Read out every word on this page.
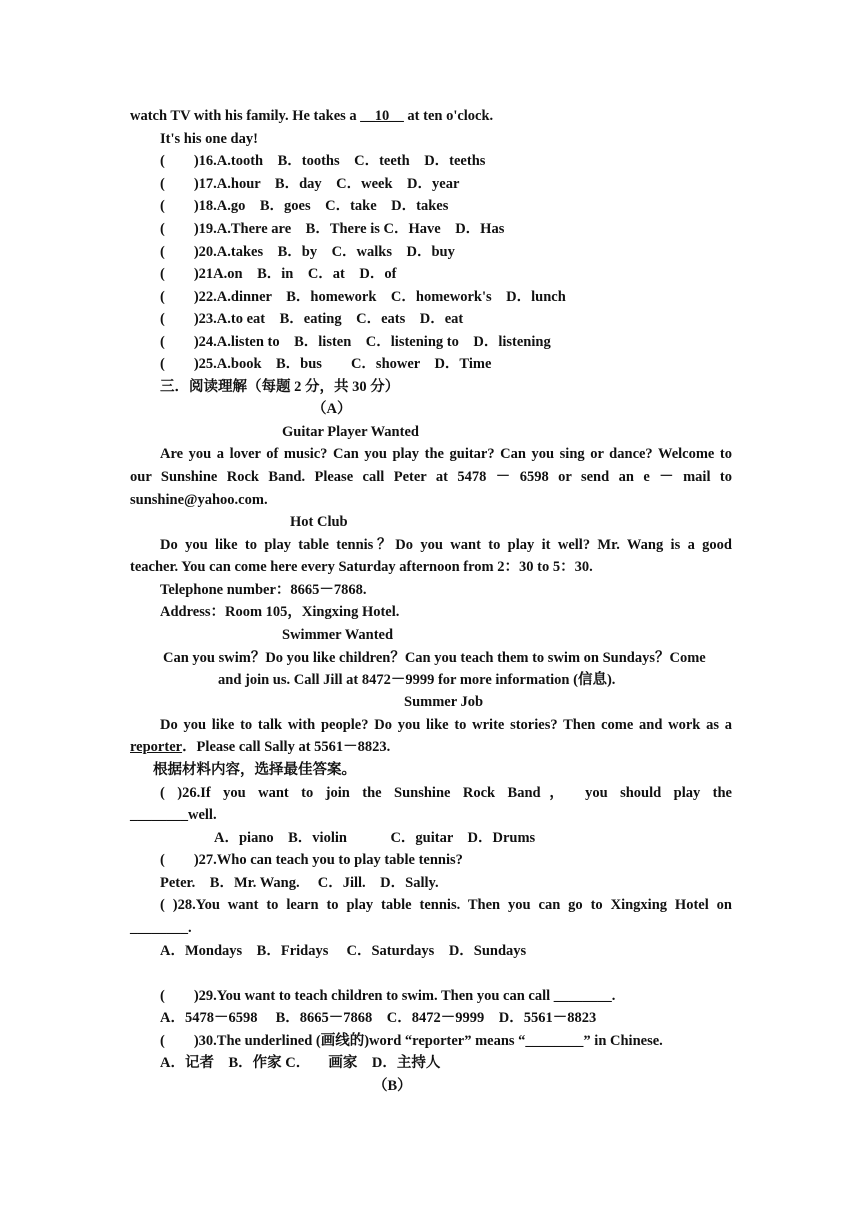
watch TV with his family. He takes a __10__ at ten o'clock.
It's his one day!
(        )16.A.tooth    B．tooths    C．teeth    D．teeths
(        )17.A.hour    B．day    C．week    D．year
(        )18.A.go    B．goes    C．take    D．takes
(        )19.A.There are    B．There is C．Have    D．Has
(        )20.A.takes    B．by    C．walks    D．buy
(        )21A.on    B．in    C．at    D．of
(        )22.A.dinner    B．homework    C．homework's    D．lunch
(        )23.A.to eat    B．eating    C．eats    D．eat
(        )24.A.listen to    B．listen    C．listening to    D．listening
(        )25.A.book    B．bus        C．shower    D．Time
三．阅读理解（每题 2 分，共 30 分）
（A）
Guitar Player Wanted
Are you a lover of music? Can you play the guitar? Can you sing or dance? Welcome to
our Sunshine Rock Band. Please call Peter at 5478 － 6598 or send an e － mail to
sunshine@yahoo.com.
Hot Club
Do you like to play table tennis？Do you want to play it well? Mr. Wang is a good
teacher. You can come here every Saturday afternoon from 2：30 to 5：30.
Telephone number：8665－7868.
Address：Room 105，Xingxing Hotel.
Swimmer Wanted
Can you swim？Do you like children？Can you teach them to swim on Sundays？Come
and join us. Call Jill at 8472－9999 for more information (信息).
Summer Job
Do you like to talk with people? Do you like to write stories? Then come and work as a
reporter．Please call Sally at 5561－8823.
根据材料内容，选择最佳答案。
( )26.If you want to join the Sunshine Rock Band， you should play the
________well.
A．piano    B．violin            C．guitar    D．Drums
(        )27.Who can teach you to play table tennis?
Peter.    B．Mr. Wang.     C．Jill.    D．Sally.
( )28.You want to learn to play table tennis. Then you can go to Xingxing Hotel on
________.
A．Mondays    B．Fridays     C．Saturdays    D．Sundays
(        )29.You want to teach children to swim. Then you can call ________.
A．5478－6598     B．8665－7868    C．8472－9999    D．5561－8823
(        )30.The underlined (画线的)word “reporter” means “________” in Chinese.
A．记者    B．作家 C．     画家    D．主持人
（B）
